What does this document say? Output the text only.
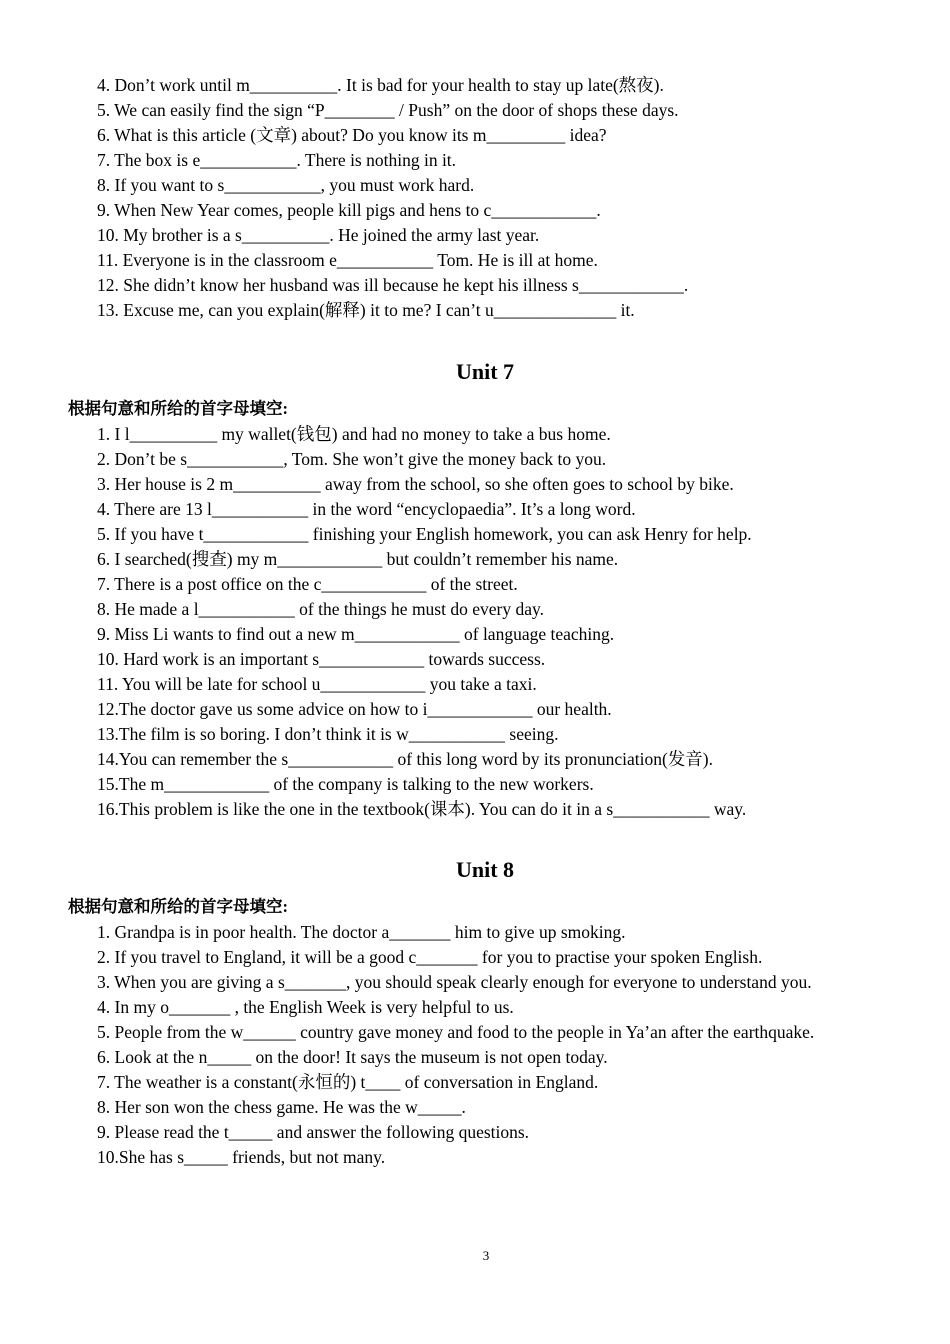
4. Don’t work until m__________. It is bad for your health to stay up late(熬夜).
5. We can easily find the sign “P________ / Push” on the door of shops these days.
6. What is this article (文章) about? Do you know its m_________ idea?
7. The box is e___________. There is nothing in it.
8. If you want to s___________, you must work hard.
9. When New Year comes, people kill pigs and hens to c____________.
10. My brother is a s__________. He joined the army last year.
11. Everyone is in the classroom e___________ Tom. He is ill at home.
12. She didn’t know her husband was ill because he kept his illness s____________.
13. Excuse me, can you explain(解释) it to me? I can’t u______________ it.
Unit 7
根据句意和所给的首字母填空:
1. I l__________ my wallet(钱包) and had no money to take a bus home.
2. Don’t be s___________, Tom. She won’t give the money back to you.
3. Her house is 2 m__________ away from the school, so she often goes to school by bike.
4. There are 13 l___________ in the word “encyclopaedia”. It’s a long word.
5. If you have t____________ finishing your English homework, you can ask Henry for help.
6. I searched(搜查) my m____________ but couldn’t remember his name.
7. There is a post office on the c____________ of the street.
8. He made a l___________ of the things he must do every day.
9. Miss Li wants to find out a new m____________ of language teaching.
10. Hard work is an important s____________ towards success.
11. You will be late for school u____________ you take a taxi.
12.The doctor gave us some advice on how to i____________ our health.
13.The film is so boring. I don’t think it is w___________ seeing.
14.You can remember the s____________ of this long word by its pronunciation(发音).
15.The m____________ of the company is talking to the new workers.
16.This problem is like the one in the textbook(课本). You can do it in a s___________ way.
Unit 8
根据句意和所给的首字母填空:
1. Grandpa is in poor health. The doctor a_______ him to give up smoking.
2. If you travel to England, it will be a good c_______ for you to practise your spoken English.
3. When you are giving a s_______, you should speak clearly enough for everyone to understand you.
4. In my o_______ , the English Week is very helpful to us.
5. People from the w______ country gave money and food to the people in Ya’an after the earthquake.
6. Look at the n_____ on the door! It says the museum is not open today.
7. The weather is a constant(永恒的) t____ of conversation in England.
8. Her son won the chess game. He was the w_____.
9. Please read the t_____ and answer the following questions.
10.She has s_____ friends, but not many.
3
